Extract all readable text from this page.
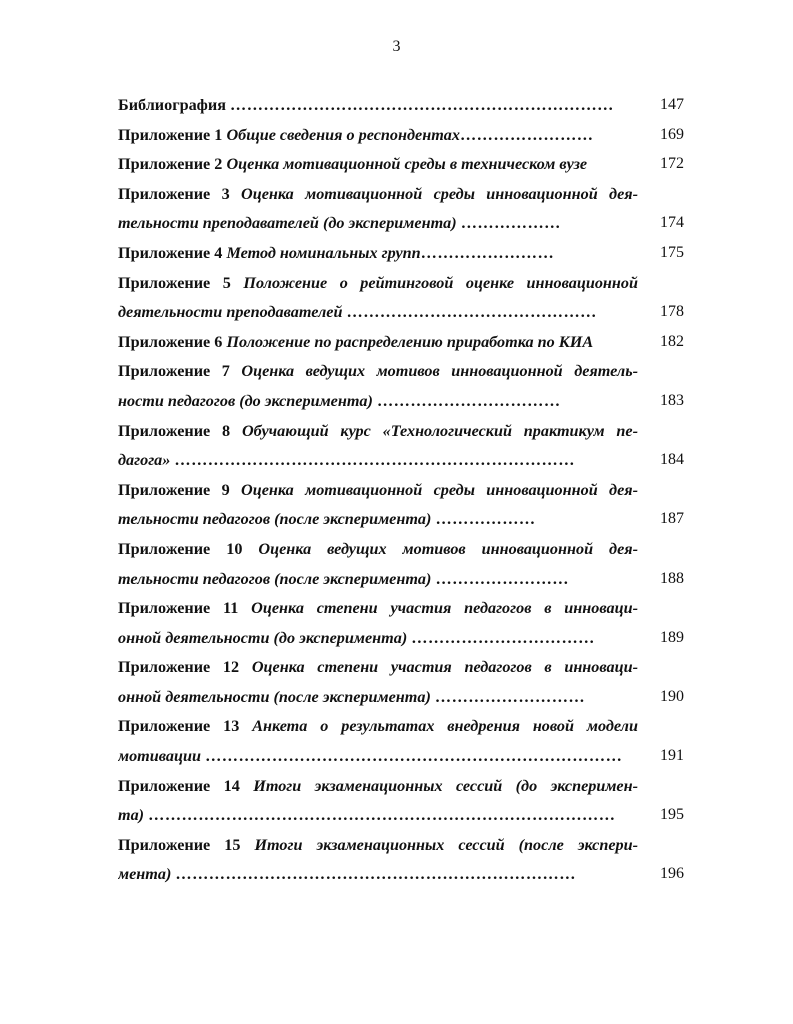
3
Библиография ……………………………………………………………	147
Приложение 1 Общие сведения о респондентах……………………	169
Приложение 2 Оценка мотивационной среды в техническом вузе	172
Приложение 3 Оценка мотивационной среды инновационной дея-
тельности преподавателей (до эксперимента) ………………	174
Приложение 4 Метод номинальных групп……………………	175
Приложение 5 Положение о рейтинговой оценке инновационной
деятельности преподавателей ………………………………………	178
Приложение 6 Положение по распределению приработка по КИА	182
Приложение 7 Оценка ведущих мотивов инновационной деятель-
ности педагогов (до эксперимента) ……………………………	183
Приложение 8 Обучающий курс «Технологический практикум пе-
дагога» ………………………………………………………………	184
Приложение 9 Оценка мотивационной среды инновационной дея-
тельности педагогов (после эксперимента) ………………	187
Приложение 10 Оценка ведущих мотивов инновационной дея-
тельности педагогов (после эксперимента) ……………………	188
Приложение 11 Оценка степени участия педагогов в инноваци-
онной деятельности (до эксперимента) ……………………………	189
Приложение 12 Оценка степени участия педагогов в инноваци-
онной деятельности (после эксперимента) ………………………	190
Приложение 13 Анкета о результатах внедрения новой модели
мотивации ………………………………………………………………… 191
Приложение 14 Итоги экзаменационных сессий (до эксперимен-
та) …………………………………………………………………………	195
Приложение 15 Итоги экзаменационных сессий (после экспери-
мента) ………………………………………………………………	196
